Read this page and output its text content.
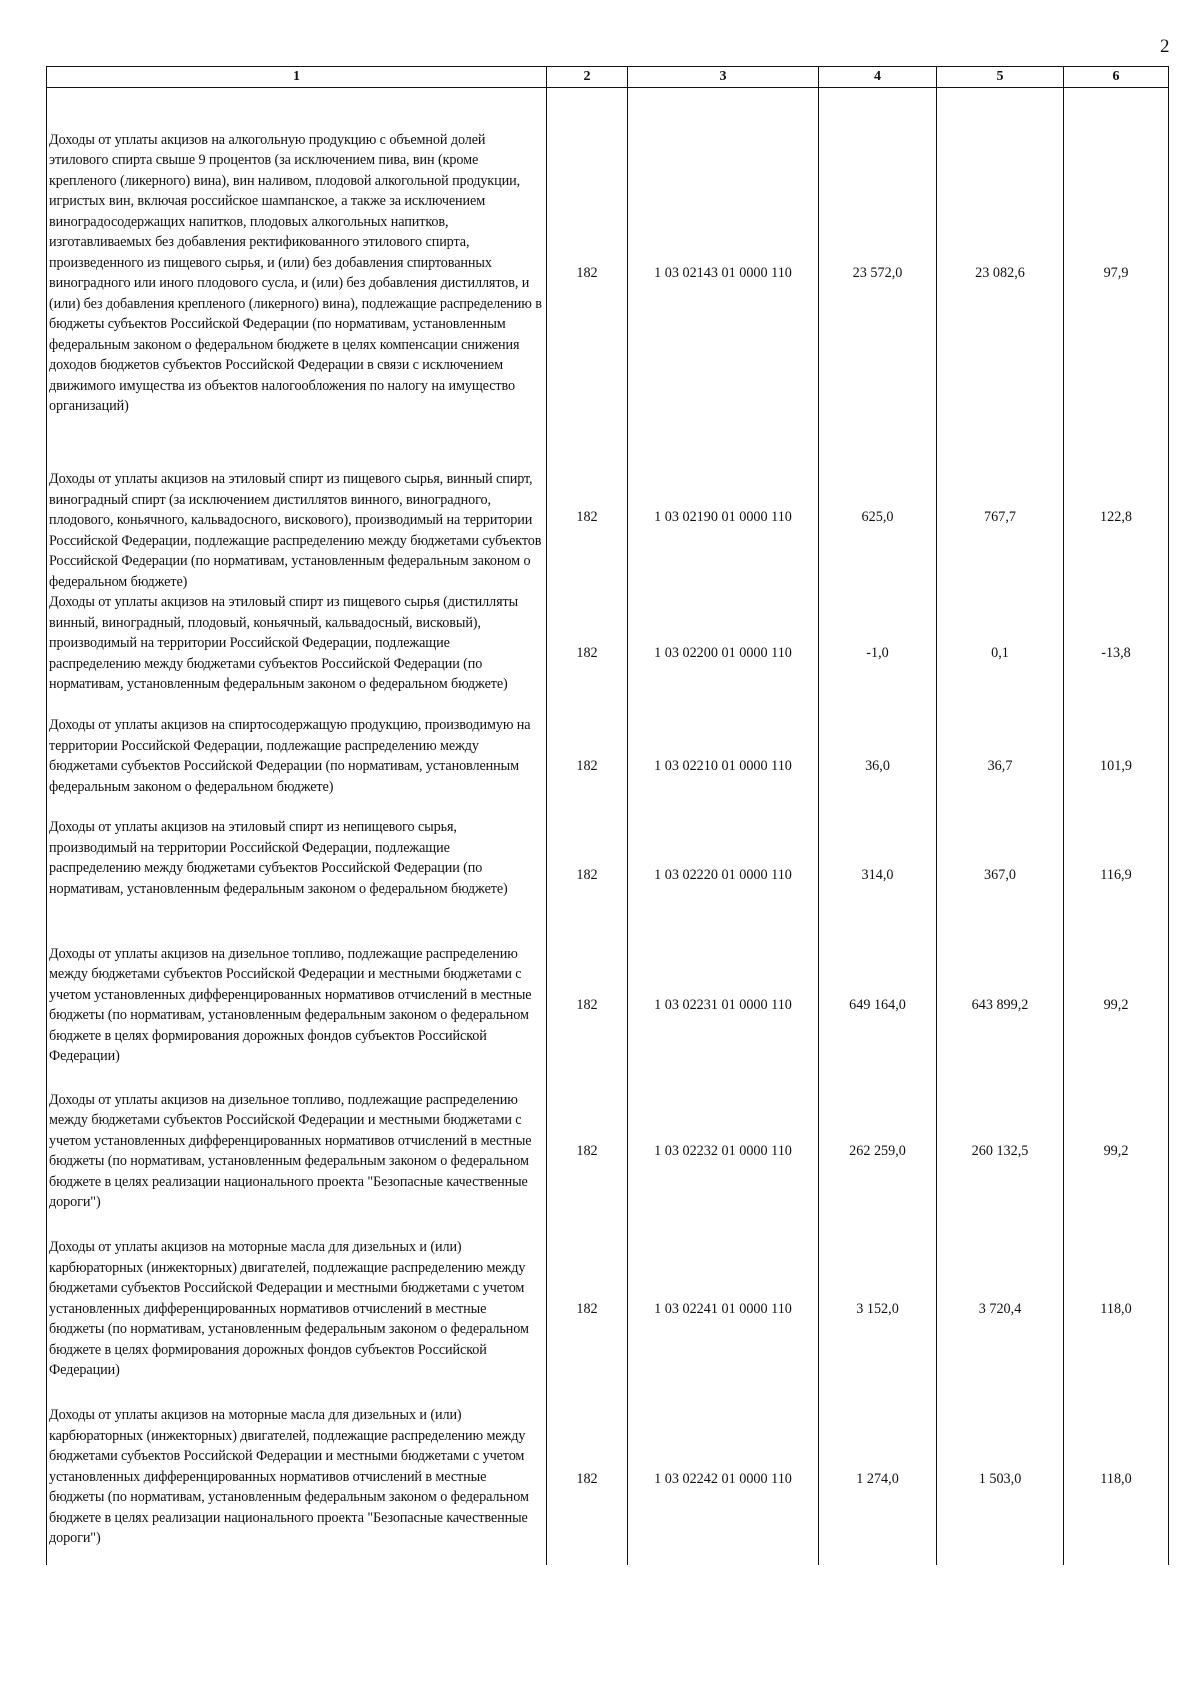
2
1	2	3	4	5	6
Доходы от уплаты акцизов на алкогольную продукцию с объемной долей этилового спирта свыше 9 процентов (за исключением пива, вин (кроме крепленого (ликерного) вина), вин наливом, плодовой алкогольной продукции, игристых вин, включая российское шампанское, а также за исключением виноградосодержащих напитков, плодовых алкогольных напитков, изготавливаемых без добавления ректификованного этилового спирта, произведенного из пищевого сырья, и (или) без добавления спиртованных виноградного или иного плодового сусла, и (или) без добавления дистиллятов, и (или) без добавления крепленого (ликерного) вина), подлежащие распределению в бюджеты субъектов Российской Федерации (по нормативам, установленным федеральным законом о федеральном бюджете в целях компенсации снижения доходов бюджетов субъектов Российской Федерации в связи с исключением движимого имущества из объектов налогообложения по налогу на имущество организаций)	182	1 03 02143 01 0000 110	23 572,0	23 082,6	97,9
Доходы от уплаты акцизов на этиловый спирт из пищевого сырья, винный спирт, виноградный спирт (за исключением дистиллятов винного, виноградного, плодового, коньячного, кальвадосного, вискового), производимый на территории Российской Федерации, подлежащие распределению между бюджетами субъектов Российской Федерации (по нормативам, установленным федеральным законом о федеральном бюджете)	182	1 03 02190 01 0000 110	625,0	767,7	122,8
Доходы от уплаты акцизов на этиловый спирт из пищевого сырья (дистилляты винный, виноградный, плодовый, коньячный, кальвадосный, висковый), производимый на территории Российской Федерации, подлежащие распределению между бюджетами субъектов Российской Федерации (по нормативам, установленным федеральным законом о федеральном бюджете)	182	1 03 02200 01 0000 110	-1,0	0,1	-13,8
Доходы от уплаты акцизов на спиртосодержащую продукцию, производимую на территории Российской Федерации, подлежащие распределению между бюджетами субъектов Российской Федерации (по нормативам, установленным федеральным законом о федеральном бюджете)	182	1 03 02210 01 0000 110	36,0	36,7	101,9
Доходы от уплаты акцизов на этиловый спирт из непищевого сырья, производимый на территории Российской Федерации, подлежащие распределению между бюджетами субъектов Российской Федерации (по нормативам, установленным федеральным законом о федеральном бюджете)	182	1 03 02220 01 0000 110	314,0	367,0	116,9
Доходы от уплаты акцизов на дизельное топливо, подлежащие распределению между бюджетами субъектов Российской Федерации и местными бюджетами с учетом установленных дифференцированных нормативов отчислений в местные бюджеты (по нормативам, установленным федеральным законом о федеральном бюджете в целях формирования дорожных фондов субъектов Российской Федерации)	182	1 03 02231 01 0000 110	649 164,0	643 899,2	99,2
Доходы от уплаты акцизов на дизельное топливо, подлежащие распределению между бюджетами субъектов Российской Федерации и местными бюджетами с учетом установленных дифференцированных нормативов отчислений в местные бюджеты (по нормативам, установленным федеральным законом о федеральном бюджете в целях реализации национального проекта "Безопасные качественные дороги")	182	1 03 02232 01 0000 110	262 259,0	260 132,5	99,2
Доходы от уплаты акцизов на моторные масла для дизельных и (или) карбюраторных (инжекторных) двигателей, подлежащие распределению между бюджетами субъектов Российской Федерации и местными бюджетами с учетом установленных дифференцированных нормативов отчислений в местные бюджеты (по нормативам, установленным федеральным законом о федеральном бюджете в целях формирования дорожных фондов субъектов Российской Федерации)	182	1 03 02241 01 0000 110	3 152,0	3 720,4	118,0
Доходы от уплаты акцизов на моторные масла для дизельных и (или) карбюраторных (инжекторных) двигателей, подлежащие распределению между бюджетами субъектов Российской Федерации и местными бюджетами с учетом установленных дифференцированных нормативов отчислений в местные бюджеты (по нормативам, установленным федеральным законом о федеральном бюджете в целях реализации национального проекта "Безопасные качественные дороги")	182	1 03 02242 01 0000 110	1 274,0	1 503,0	118,0
